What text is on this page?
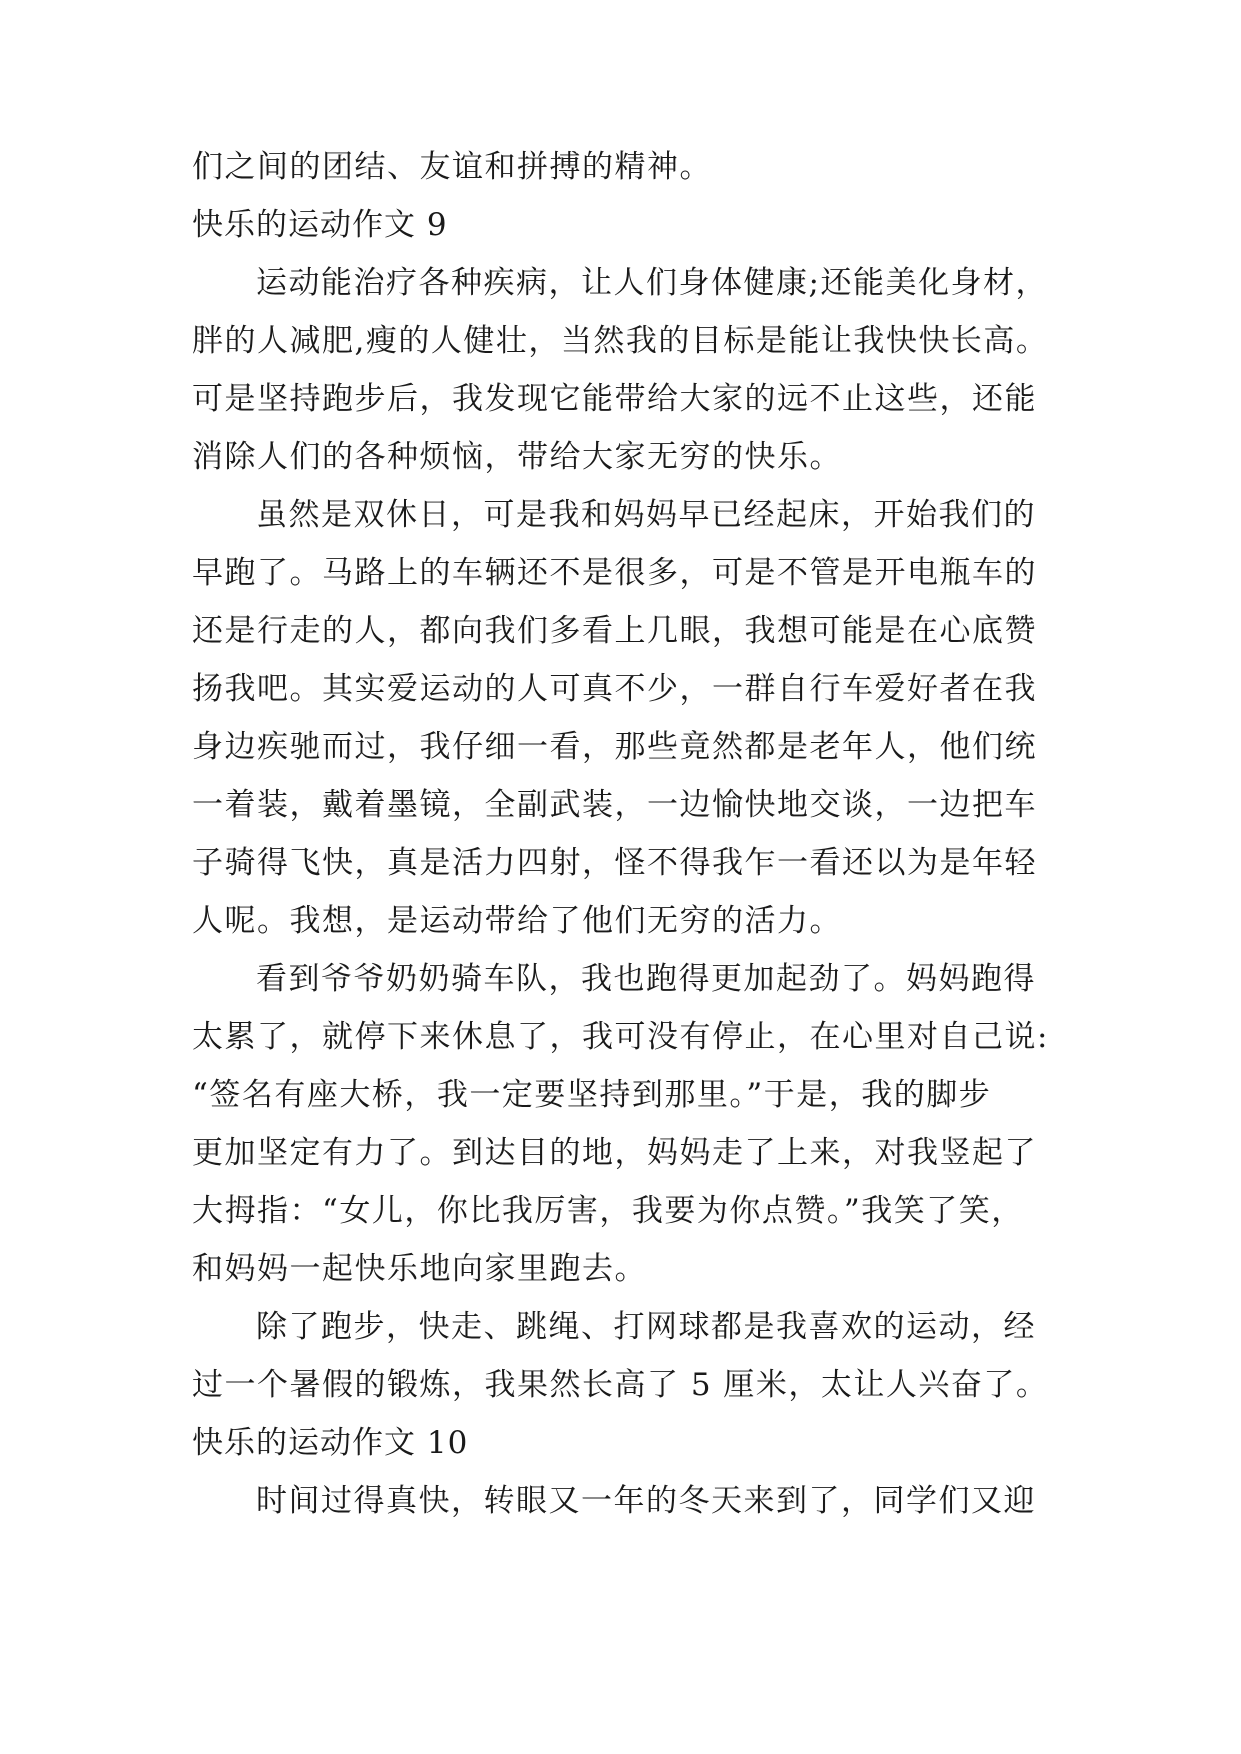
们之间的团结、友谊和拼搏的精神。
快乐的运动作文 9
运动能治疗各种疾病，让人们身体健康;还能美化身材，
胖的人减肥,瘦的人健壮，当然我的目标是能让我快快长高。
可是坚持跑步后，我发现它能带给大家的远不止这些，还能
消除人们的各种烦恼，带给大家无穷的快乐。
虽然是双休日，可是我和妈妈早已经起床，开始我们的
早跑了。马路上的车辆还不是很多，可是不管是开电瓶车的
还是行走的人，都向我们多看上几眼，我想可能是在心底赞
扬我吧。其实爱运动的人可真不少，一群自行车爱好者在我
身边疾驰而过，我仔细一看，那些竟然都是老年人，他们统
一着装，戴着墨镜，全副武装，一边愉快地交谈，一边把车
子骑得飞快，真是活力四射，怪不得我乍一看还以为是年轻
人呢。我想，是运动带给了他们无穷的活力。
看到爷爷奶奶骑车队，我也跑得更加起劲了。妈妈跑得
太累了，就停下来休息了，我可没有停止，在心里对自己说:
“签名有座大桥，我一定要坚持到那里。”于是，我的脚步
更加坚定有力了。到达目的地，妈妈走了上来，对我竖起了
大拇指：“女儿，你比我厉害，我要为你点赞。”我笑了笑，
和妈妈一起快乐地向家里跑去。
除了跑步，快走、跳绳、打网球都是我喜欢的运动，经
过一个暑假的锻炼，我果然长高了 5 厘米，太让人兴奋了。
快乐的运动作文 10
时间过得真快，转眼又一年的冬天来到了，同学们又迎
